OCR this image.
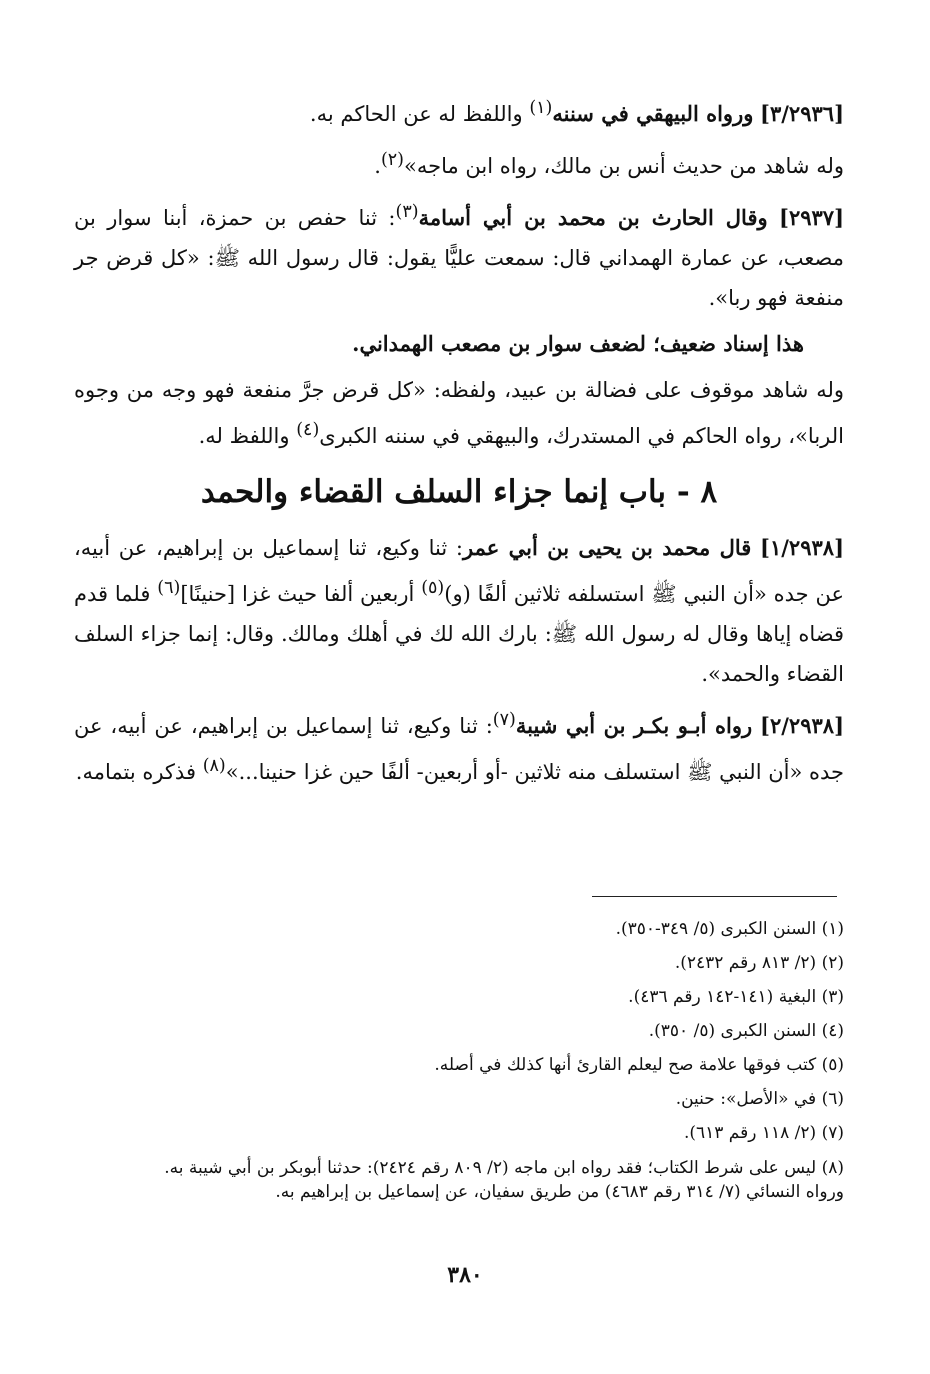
[٣/٢٩٣٦] ورواه البيهقي في سننه$^{(١)}$ واللفظ له عن الحاكم به.

وله شاهد من حديث أنس بن مالك، رواه ابن ماجه»$^{(٢)}$.

[٢٩٣٧] وقال الحارث بن محمد بن أبي أسامة$^{(٣)}$: ثنا حفص بن حمزة، أبنا سوار بن مصعب، عن عمارة الهمداني قال: سمعت عليًّا يقول: قال رسول الله ﷺ: «كل قرض جر منفعة فهو ربا».

هذا إسناد ضعيف؛ لضعف سوار بن مصعب الهمداني.

وله شاهد موقوف على فضالة بن عبيد، ولفظه: «كل قرض جرَّ منفعة فهو وجه من وجوه الربا»، رواه الحاكم في المستدرك، والبيهقي في سننه الكبرى$^{(٤)}$ واللفظ له.

٨ - باب إنما جزاء السلف القضاء والحمد

[١/٢٩٣٨] قال محمد بن يحيى بن أبي عمر: ثنا وكيع، ثنا إسماعيل بن إبراهيم، عن أبيه، عن جده «أن النبي ﷺ استسلفه ثلاثين ألفًا (و)$^{(٥)}$ أربعين ألفا حيث غزا [حنينًا]$^{(٦)}$ فلما قدم قضاه إياها وقال له رسول الله ﷺ: بارك الله لك في أهلك ومالك. وقال: إنما جزاء السلف القضاء والحمد».

[٢/٢٩٣٨] رواه أبـو بكـر بن أبي شيبة$^{(٧)}$: ثنا وكيع، ثنا إسماعيل بن إبراهيم، عن أبيه، عن جده «أن النبي ﷺ استسلف منه ثلاثين -أو أربعين- ألفًا حين غزا حنينا...»$^{(٨)}$ فذكره بتمامه.

(١) السنن الكبرى (٥/ ٣٤٩-٣٥٠).
(٢) (٢/ ٨١٣ رقم ٢٤٣٢).
(٣) البغية (١٤١-١٤٢ رقم ٤٣٦).
(٤) السنن الكبرى (٥/ ٣٥٠).
(٥) كتب فوقها علامة صح ليعلم القارئ أنها كذلك في أصله.
(٦) في «الأصل»: حنين.
(٧) (٢/ ١١٨ رقم ٦١٣).
(٨) ليس على شرط الكتاب؛ فقد رواه ابن ماجه (٢/ ٨٠٩ رقم ٢٤٢٤): حدثنا أبوبكر بن أبي شيبة به.
ورواه النسائي (٧/ ٣١٤ رقم ٤٦٨٣) من طريق سفيان، عن إسماعيل بن إبراهيم به.
٣٨٠
